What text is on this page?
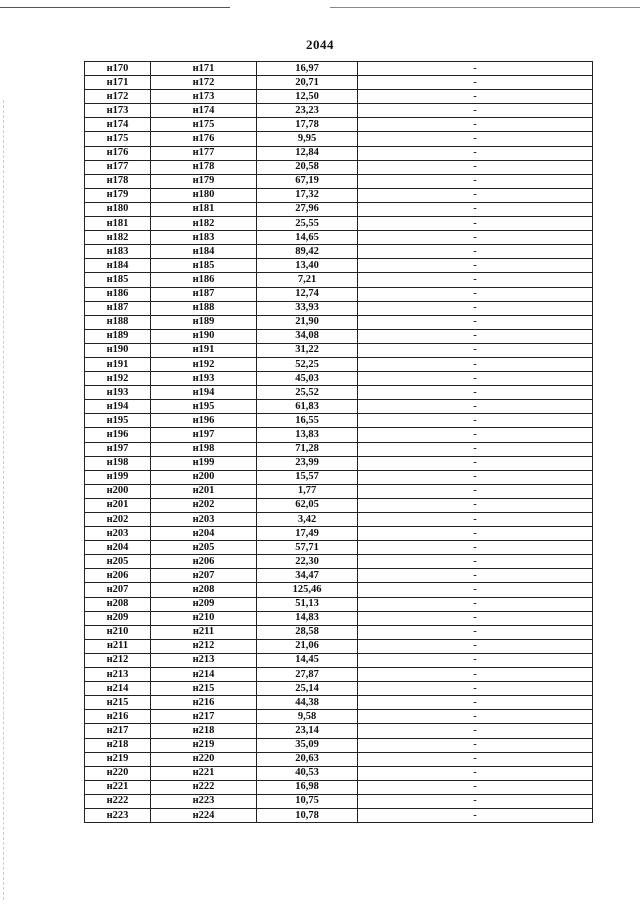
2044
н170	н171	16,97	-
н171	н172	20,71	-
н172	н173	12,50	-
н173	н174	23,23	-
н174	н175	17,78	-
н175	н176	9,95	-
н176	н177	12,84	-
н177	н178	20,58	-
н178	н179	67,19	-
н179	н180	17,32	-
н180	н181	27,96	-
н181	н182	25,55	-
н182	н183	14,65	-
н183	н184	89,42	-
н184	н185	13,40	-
н185	н186	7,21	-
н186	н187	12,74	-
н187	н188	33,93	-
н188	н189	21,90	-
н189	н190	34,08	-
н190	н191	31,22	-
н191	н192	52,25	-
н192	н193	45,03	-
н193	н194	25,52	-
н194	н195	61,83	-
н195	н196	16,55	-
н196	н197	13,83	-
н197	н198	71,28	-
н198	н199	23,99	-
н199	н200	15,57	-
н200	н201	1,77	-
н201	н202	62,05	-
н202	н203	3,42	-
н203	н204	17,49	-
н204	н205	57,71	-
н205	н206	22,30	-
н206	н207	34,47	-
н207	н208	125,46	-
н208	н209	51,13	-
н209	н210	14,83	-
н210	н211	28,58	-
н211	н212	21,06	-
н212	н213	14,45	-
н213	н214	27,87	-
н214	н215	25,14	-
н215	н216	44,38	-
н216	н217	9,58	-
н217	н218	23,14	-
н218	н219	35,09	-
н219	н220	20,63	-
н220	н221	40,53	-
н221	н222	16,98	-
н222	н223	10,75	-
н223	н224	10,78	-
